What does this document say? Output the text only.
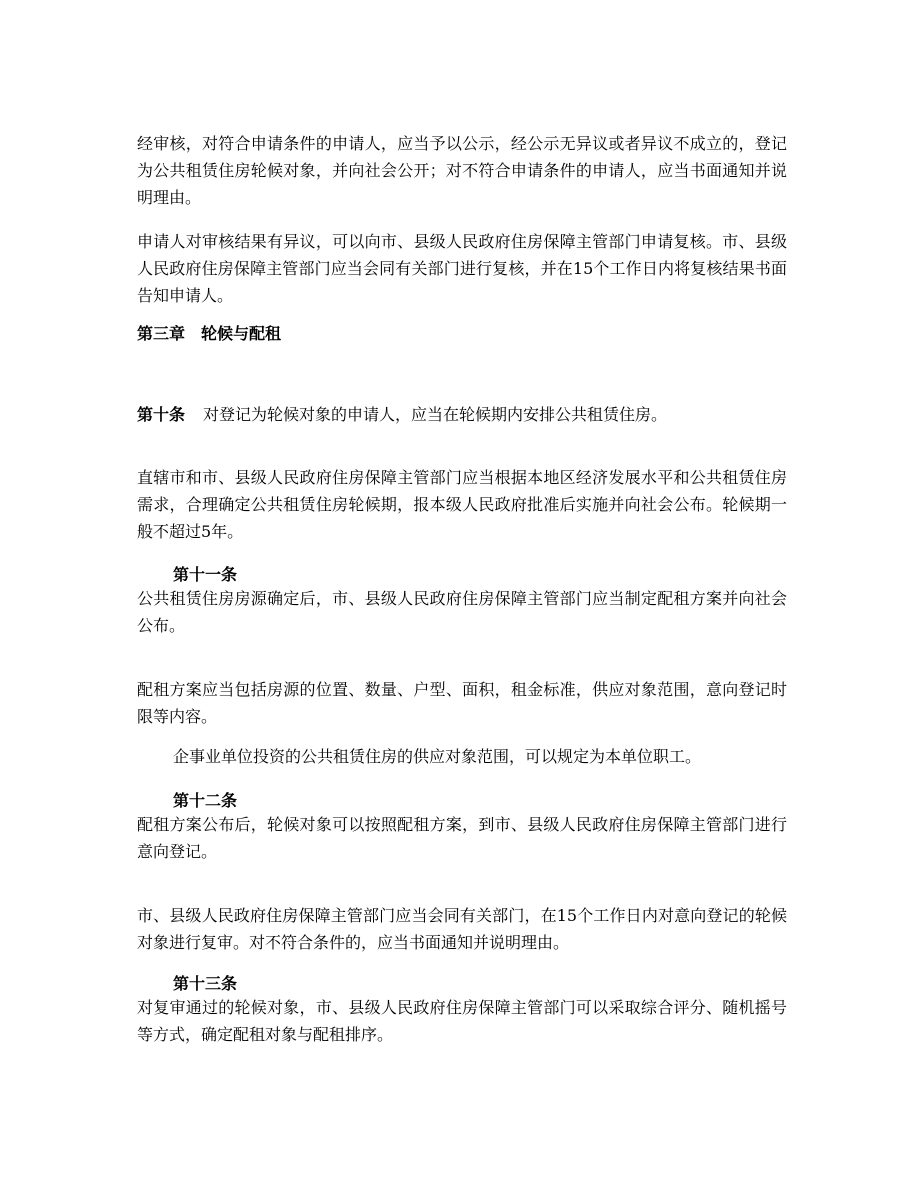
经审核，对符合申请条件的申请人，应当予以公示，经公示无异议或者异议不成立的，登记为公共租赁住房轮候对象，并向社会公开；对不符合申请条件的申请人，应当书面通知并说明理由。

申请人对审核结果有异议，可以向市、县级人民政府住房保障主管部门申请复核。市、县级人民政府住房保障主管部门应当会同有关部门进行复核，并在15个工作日内将复核结果书面告知申请人。

第三章　轮候与配租

第十条 对登记为轮候对象的申请人，应当在轮候期内安排公共租赁住房。

直辖市和市、县级人民政府住房保障主管部门应当根据本地区经济发展水平和公共租赁住房需求，合理确定公共租赁住房轮候期，报本级人民政府批准后实施并向社会公布。轮候期一般不超过5年。

第十一条

公共租赁住房房源确定后，市、县级人民政府住房保障主管部门应当制定配租方案并向社会公布。

配租方案应当包括房源的位置、数量、户型、面积，租金标准，供应对象范围，意向登记时限等内容。

企事业单位投资的公共租赁住房的供应对象范围，可以规定为本单位职工。

第十二条

配租方案公布后，轮候对象可以按照配租方案，到市、县级人民政府住房保障主管部门进行意向登记。

市、县级人民政府住房保障主管部门应当会同有关部门，在15个工作日内对意向登记的轮候对象进行复审。对不符合条件的，应当书面通知并说明理由。

第十三条

对复审通过的轮候对象，市、县级人民政府住房保障主管部门可以采取综合评分、随机摇号等方式，确定配租对象与配租排序。
